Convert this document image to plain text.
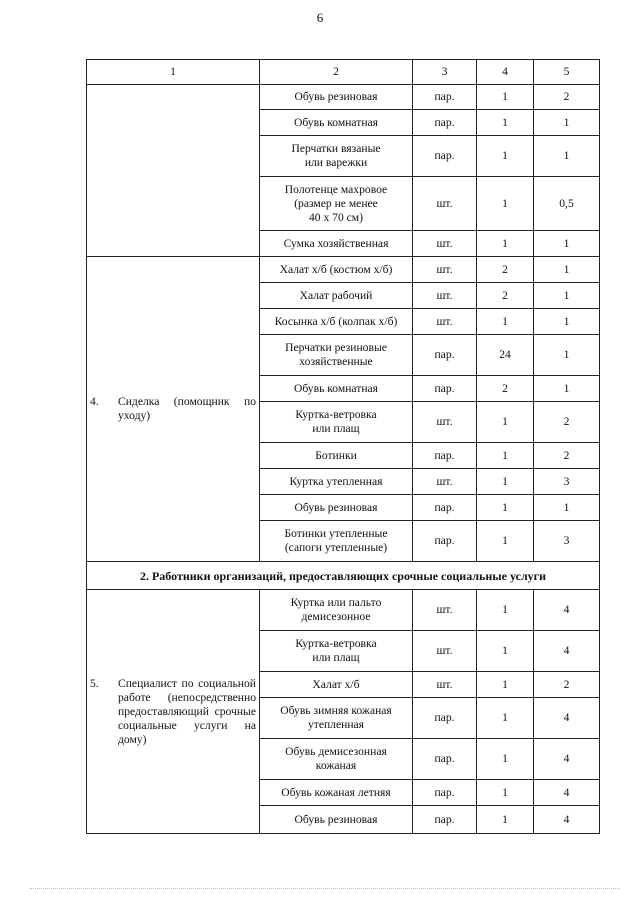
6
1	2	3	4	5
	Обувь резиновая	пар.	1	2
	Обувь комнатная	пар.	1	1
	Перчатки вязаные
или варежки	пар.	1	1
	Полотенце махровое
(размер не менее
40 х 70 см)	шт.	1	0,5
	Сумка хозяйственная	шт.	1	1

4. Сиделка (помощник по уходу)	Халат х/б (костюм х/б)	шт.	2	1
	Халат рабочий	шт.	2	1
	Косынка х/б (колпак х/б)	шт.	1	1
	Перчатки резиновые
хозяйственные	пар.	24	1
	Обувь комнатная	пар.	2	1
	Куртка-ветровка
или плащ	шт.	1	2
	Ботинки	пар.	1	2
	Куртка утепленная	шт.	1	3
	Обувь резиновая	пар.	1	1
	Ботинки утепленные
(сапоги утепленные)	пар.	1	3
2. Работники организаций, предоставляющих срочные социальные услуги				

5. Специалист по социальной работе (непосредственно предоставляющий срочные социальные услуги на дому)	Куртка или пальто
демисезонное	шт.	1	4
	Куртка-ветровка
или плащ	шт.	1	4
	Халат х/б	шт.	1	2
	Обувь зимняя кожаная
утепленная	пар.	1	4
	Обувь демисезонная
кожаная	пар.	1	4
	Обувь кожаная летняя	пар.	1	4
	Обувь резиновая	пар.	1	4
